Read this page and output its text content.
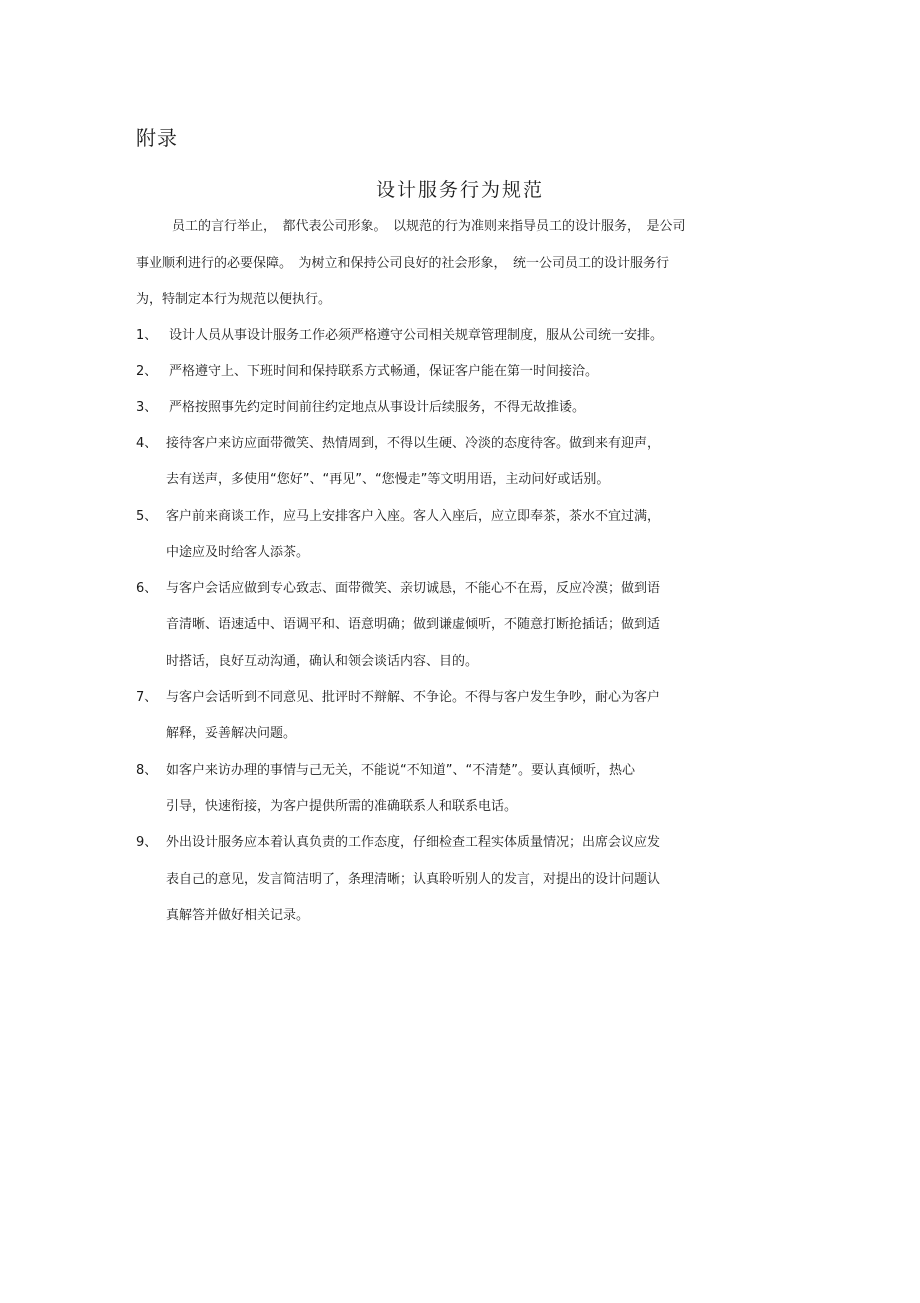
附录
设计服务行为规范
员工的言行举止，　都代表公司形象。　以规范的行为准则来指导员工的设计服务，　是公司
事业顺利进行的必要保障。　为树立和保持公司良好的社会形象，　统一公司员工的设计服务行
为，特制定本行为规范以便执行。
1、 设计人员从事设计服务工作必须严格遵守公司相关规章管理制度，服从公司统一安排。
2、 严格遵守上、下班时间和保持联系方式畅通，保证客户能在第一时间接洽。
3、 严格按照事先约定时间前往约定地点从事设计后续服务，不得无故推诿。
4、 接待客户来访应面带微笑、热情周到，不得以生硬、冷淡的态度待客。做到来有迎声，
去有送声，多使用“您好”、“再见”、“您慢走”等文明用语，主动问好或话别。
5、 客户前来商谈工作，应马上安排客户入座。客人入座后，应立即奉茶，茶水不宜过满，
中途应及时给客人添茶。
6、 与客户会话应做到专心致志、面带微笑、亲切诚恳，不能心不在焉，反应冷漠；做到语
音清晰、语速适中、语调平和、语意明确；做到谦虚倾听，不随意打断抢插话；做到适
时搭话，良好互动沟通，确认和领会谈话内容、目的。
7、 与客户会话听到不同意见、批评时不辩解、不争论。不得与客户发生争吵，耐心为客户
解释，妥善解决问题。
8、 如客户来访办理的事情与己无关，不能说“不知道”、“不清楚”。要认真倾听，热心
引导，快速衔接，为客户提供所需的准确联系人和联系电话。
9、 外出设计服务应本着认真负责的工作态度，仔细检查工程实体质量情况；出席会议应发
表自己的意见，发言简洁明了，条理清晰；认真聆听别人的发言，对提出的设计问题认
真解答并做好相关记录。
